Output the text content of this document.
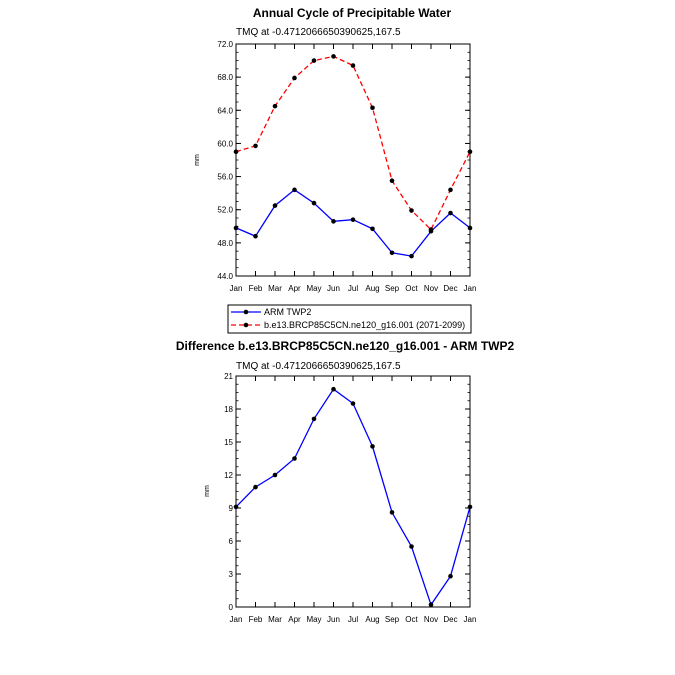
Annual Cycle of Precipitable Water
TMQ at -0.4712066650390625,167.5
mm
44.0
48.0
52.0
56.0
60.0
64.0
68.0
72.0
Jan Feb Mar Apr May Jun Jul Aug Sep Oct Nov Dec Jan
ARM TWP2
b.e13.BRCP85C5CN.ne120_g16.001 (2071-2099)
Difference b.e13.BRCP85C5CN.ne120_g16.001 - ARM TWP2
TMQ at -0.4712066650390625,167.5
mm
0
3
6
9
12
15
18
21
Jan Feb Mar Apr May Jun Jul Aug Sep Oct Nov Dec Jan
